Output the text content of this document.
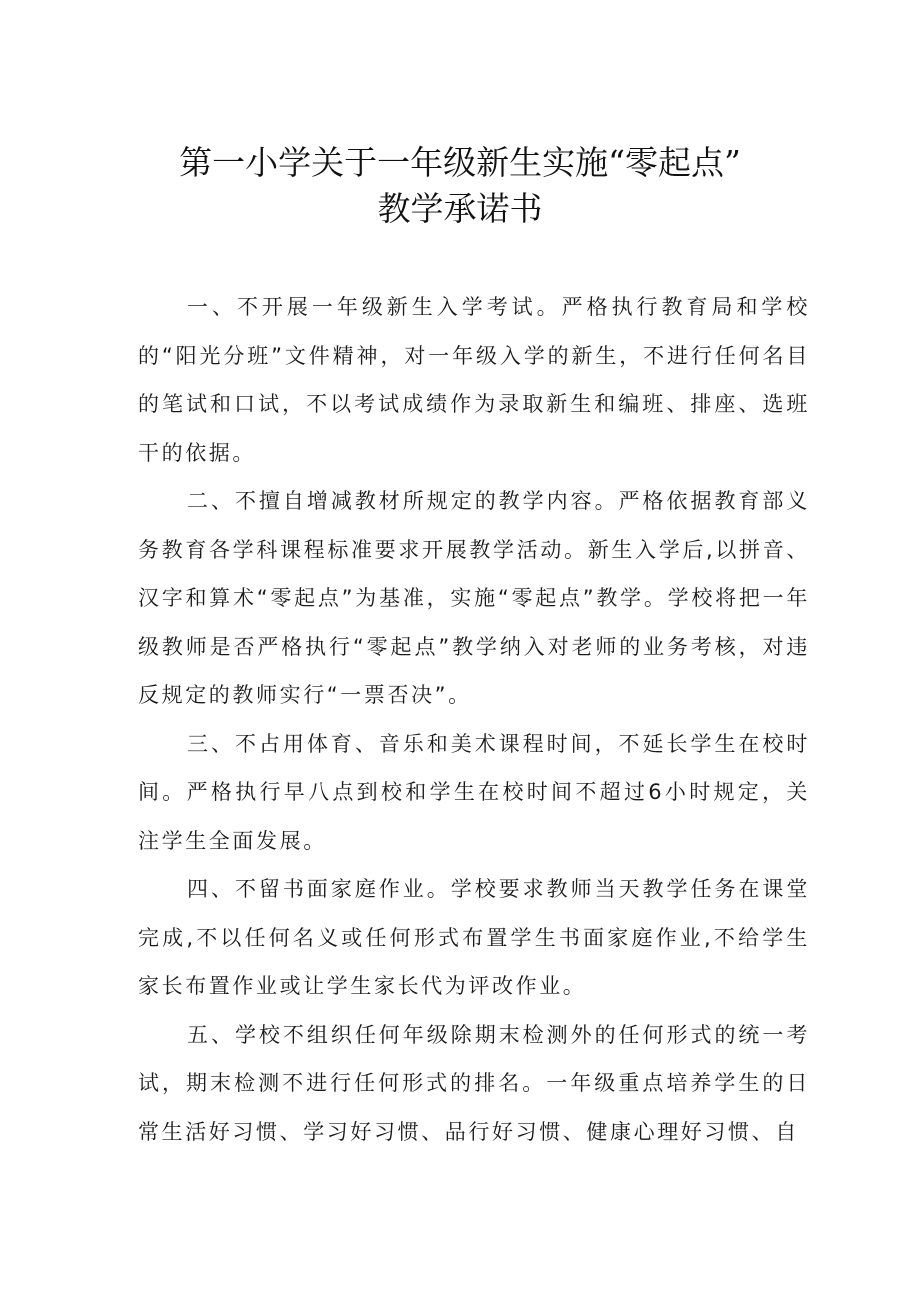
第一小学关于一年级新生实施“零起点”
教学承诺书

一、不开展一年级新生入学考试。严格执行教育局和学校的“阳光分班”文件精神，对一年级入学的新生，不进行任何名目的笔试和口试，不以考试成绩作为录取新生和编班、排座、选班干的依据。

二、不擅自增减教材所规定的教学内容。严格依据教育部义务教育各学科课程标准要求开展教学活动。新生入学后,以拼音、汉字和算术“零起点”为基准，实施“零起点”教学。学校将把一年级教师是否严格执行“零起点”教学纳入对老师的业务考核，对违反规定的教师实行“一票否决”。

三、不占用体育、音乐和美术课程时间，不延长学生在校时间。严格执行早八点到校和学生在校时间不超过6小时规定，关注学生全面发展。

四、不留书面家庭作业。学校要求教师当天教学任务在课堂完成,不以任何名义或任何形式布置学生书面家庭作业,不给学生家长布置作业或让学生家长代为评改作业。

五、学校不组织任何年级除期末检测外的任何形式的统一考试，期末检测不进行任何形式的排名。一年级重点培养学生的日常生活好习惯、学习好习惯、品行好习惯、健康心理好习惯、自
